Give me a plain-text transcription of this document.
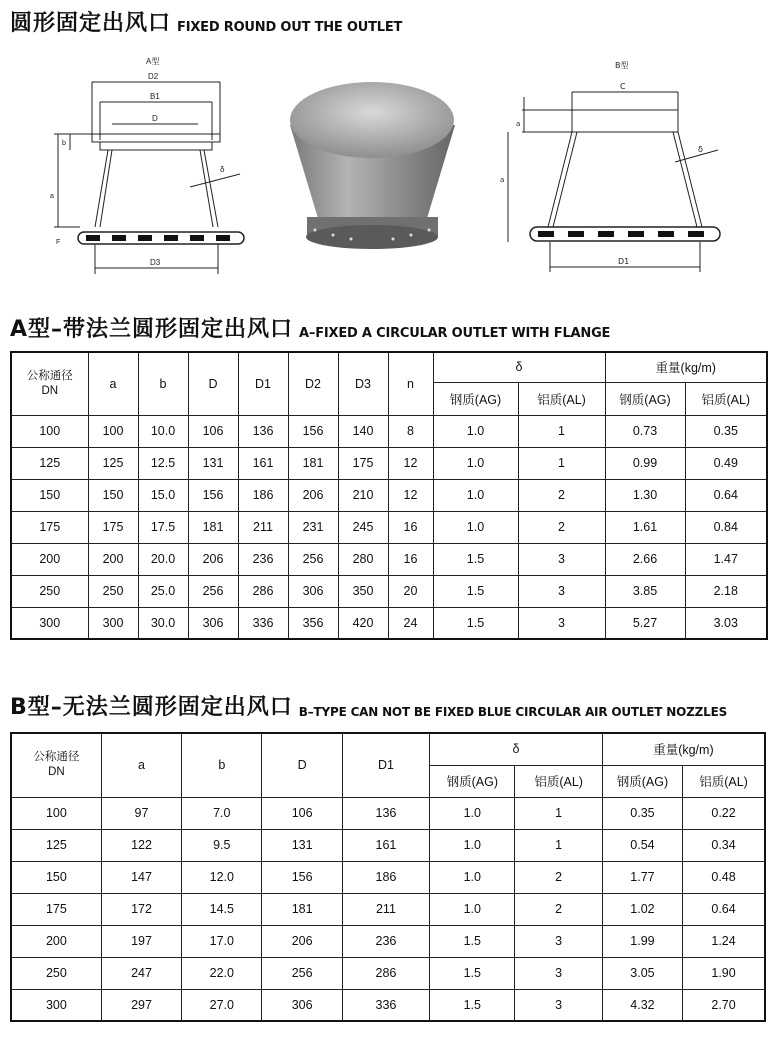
圆形固定出风口 FIXED ROUND OUT THE OUTLET
A型
D2
B1
D
δ
b
a
F
D3
B型
C
a
a
δ
D1
A型–带法兰圆形固定出风口 A–FIXED A CIRCULAR OUTLET WITH FLANGE
公称通径
DN	a	b	D	D1	D2	D3	n	δ		重量(kg/m)	
								钢质(AG)	铝质(AL)	钢质(AG)	铝质(AL)
100	100	10.0	106	136	156	140	8	1.0	1	0.73	0.35
125	125	12.5	131	161	181	175	12	1.0	1	0.99	0.49
150	150	15.0	156	186	206	210	12	1.0	2	1.30	0.64
175	175	17.5	181	211	231	245	16	1.0	2	1.61	0.84
200	200	20.0	206	236	256	280	16	1.5	3	2.66	1.47
250	250	25.0	256	286	306	350	20	1.5	3	3.85	2.18
300	300	30.0	306	336	356	420	24	1.5	3	5.27	3.03
B型–无法兰圆形固定出风口 B–TYPE CAN NOT BE FIXED BLUE CIRCULAR AIR OUTLET NOZZLES
公称通径
DN	a	b	D	D1	δ		重量(kg/m)	
					钢质(AG)	铝质(AL)	钢质(AG)	铝质(AL)
100	97	7.0	106	136	1.0	1	0.35	0.22
125	122	9.5	131	161	1.0	1	0.54	0.34
150	147	12.0	156	186	1.0	2	1.77	0.48
175	172	14.5	181	211	1.0	2	1.02	0.64
200	197	17.0	206	236	1.5	3	1.99	1.24
250	247	22.0	256	286	1.5	3	3.05	1.90
300	297	27.0	306	336	1.5	3	4.32	2.70
